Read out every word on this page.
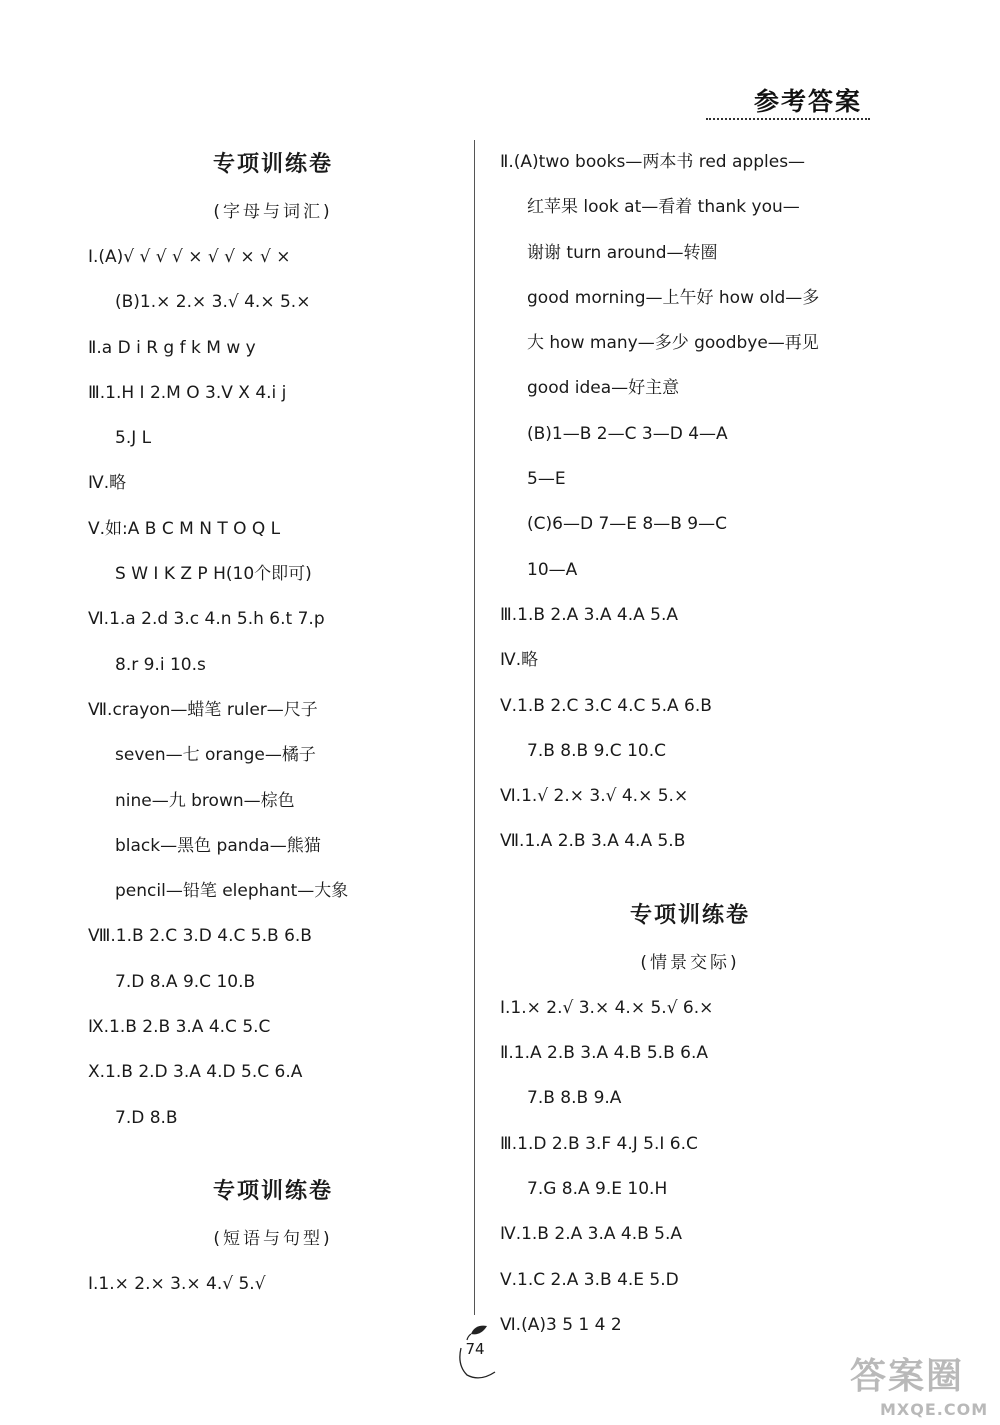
参考答案
专项训练卷
(字母与词汇)
Ⅰ.(A)√ √ √ √ × √ √ × √ ×
(B)1.× 2.× 3.√ 4.× 5.×
Ⅱ.a D i R g f k M w y
Ⅲ.1.H I 2.M O 3.V X 4.i j
5.J L
Ⅳ.略
Ⅴ.如:A B C M N T O Q L
S W I K Z P H(10个即可)
Ⅵ.1.a 2.d 3.c 4.n 5.h 6.t 7.p
8.r 9.i 10.s
Ⅶ.crayon—蜡笔 ruler—尺子
seven—七 orange—橘子
nine—九 brown—棕色
black—黑色 panda—熊猫
pencil—铅笔 elephant—大象
Ⅷ.1.B 2.C 3.D 4.C 5.B 6.B
7.D 8.A 9.C 10.B
Ⅸ.1.B 2.B 3.A 4.C 5.C
Ⅹ.1.B 2.D 3.A 4.D 5.C 6.A
7.D 8.B
专项训练卷
(短语与句型)
Ⅰ.1.× 2.× 3.× 4.√ 5.√
Ⅱ.(A)two books—两本书 red apples—
红苹果 look at—看着 thank you—
谢谢 turn around—转圈
good morning—上午好 how old—多
大 how many—多少 goodbye—再见
good idea—好主意
(B)1—B 2—C 3—D 4—A
5—E
(C)6—D 7—E 8—B 9—C
10—A
Ⅲ.1.B 2.A 3.A 4.A 5.A
Ⅳ.略
Ⅴ.1.B 2.C 3.C 4.C 5.A 6.B
7.B 8.B 9.C 10.C
Ⅵ.1.√ 2.× 3.√ 4.× 5.×
Ⅶ.1.A 2.B 3.A 4.A 5.B
专项训练卷
(情景交际)
Ⅰ.1.× 2.√ 3.× 4.× 5.√ 6.×
Ⅱ.1.A 2.B 3.A 4.B 5.B 6.A
7.B 8.B 9.A
Ⅲ.1.D 2.B 3.F 4.J 5.I 6.C
7.G 8.A 9.E 10.H
Ⅳ.1.B 2.A 3.A 4.B 5.A
Ⅴ.1.C 2.A 3.B 4.E 5.D
Ⅵ.(A)3 5 1 4 2
74
答案圈
MXQE.COM
